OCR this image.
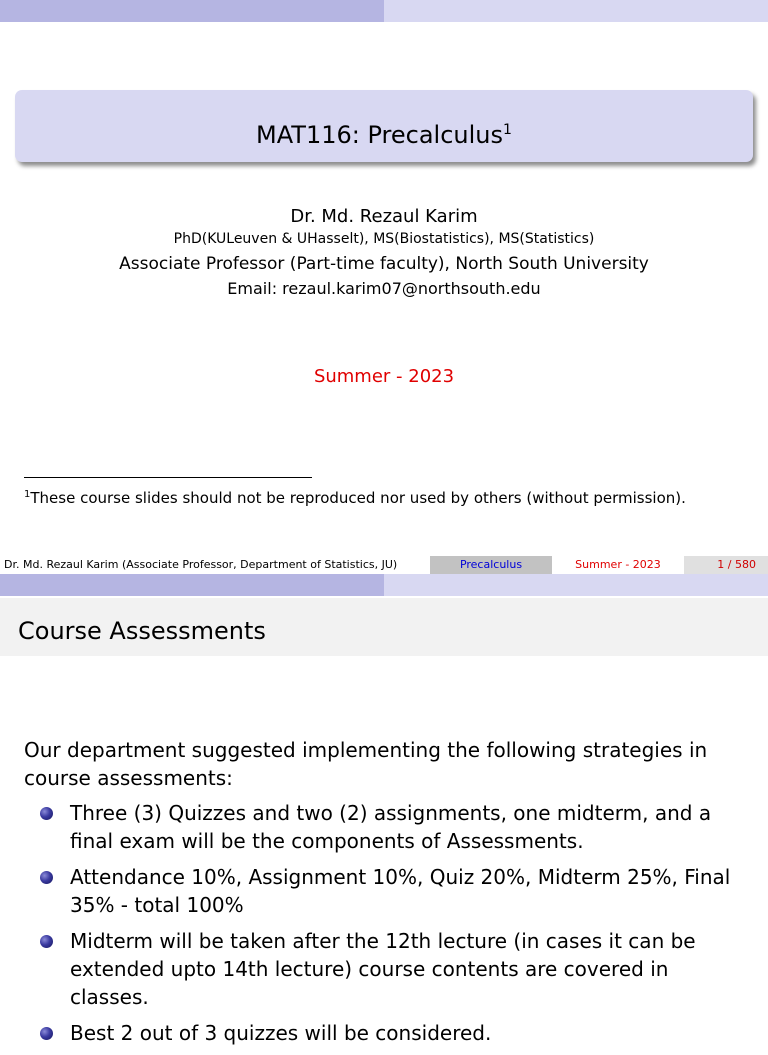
MAT116: Precalculus$^1$
Dr. Md. Rezaul Karim
PhD(KULeuven & UHasselt), MS(Biostatistics), MS(Statistics)
Associate Professor (Part-time faculty), North South University
Email: rezaul.karim07@northsouth.edu
Summer - 2023
$^1$These course slides should not be reproduced nor used by others (without permission).
Dr. Md. Rezaul Karim (Associate Professor, Department of Statistics, JU)	Precalculus	Summer - 2023	1 / 580
Course Assessments
Our department suggested implementing the following strategies in course assessments:
Three (3) Quizzes and two (2) assignments, one midterm, and a final exam will be the components of Assessments.
Attendance 10%, Assignment 10%, Quiz 20%, Midterm 25%, Final 35% - total 100%
Midterm will be taken after the 12th lecture (in cases it can be extended upto 14th lecture) course contents are covered in classes.
Best 2 out of 3 quizzes will be considered.
